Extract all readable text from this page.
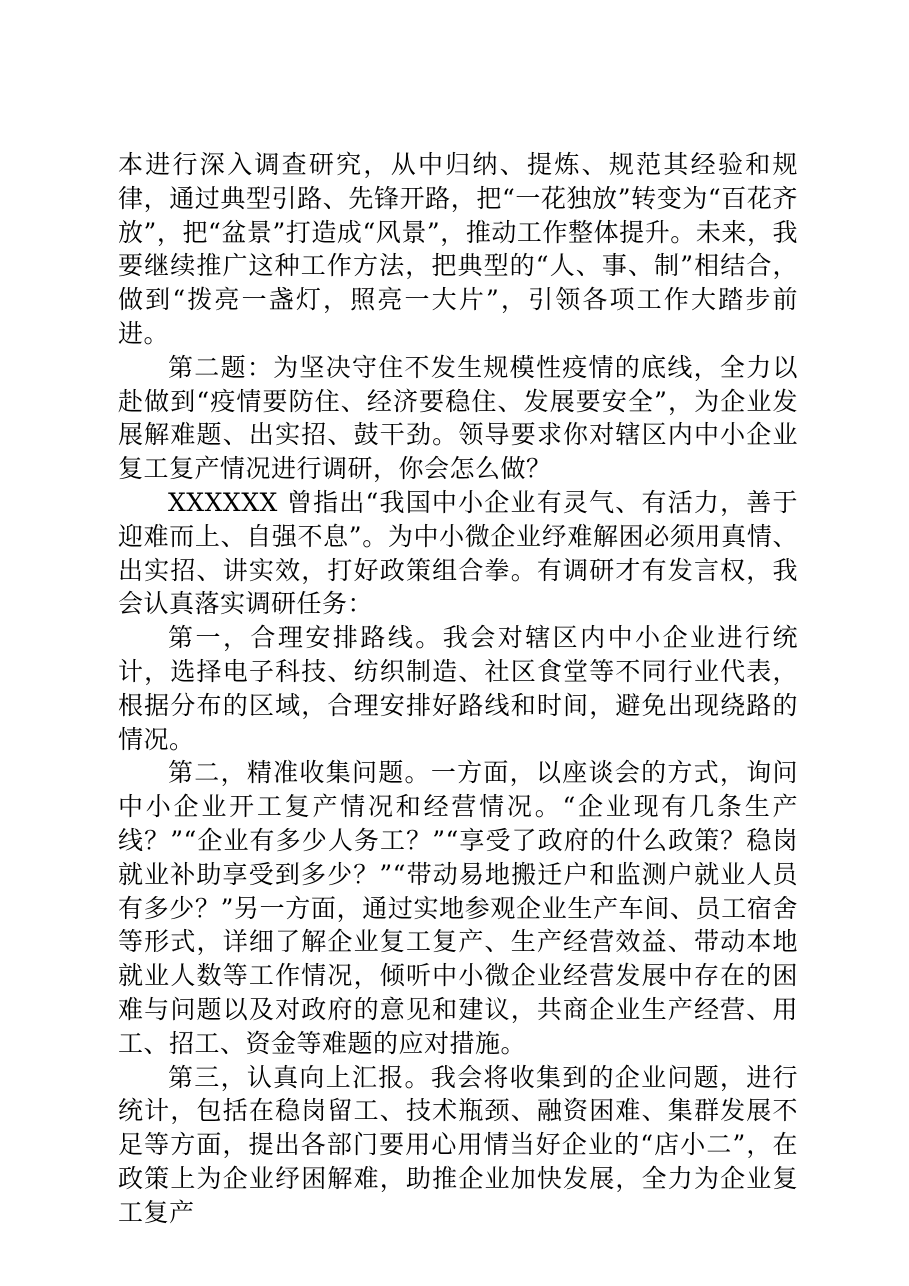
本进行深入调查研究，从中归纳、提炼、规范其经验和规律，通过典型引路、先锋开路，把“一花独放”转变为“百花齐放”，把“盆景”打造成“风景”，推动工作整体提升。未来，我要继续推广这种工作方法，把典型的“人、事、制”相结合，做到“拨亮一盏灯，照亮一大片”，引领各项工作大踏步前进。

第二题：为坚决守住不发生规模性疫情的底线，全力以赴做到“疫情要防住、经济要稳住、发展要安全”，为企业发展解难题、出实招、鼓干劲。领导要求你对辖区内中小企业复工复产情况进行调研，你会怎么做？

XXXXXX 曾指出“我国中小企业有灵气、有活力，善于迎难而上、自强不息”。为中小微企业纾难解困必须用真情、出实招、讲实效，打好政策组合拳。有调研才有发言权，我会认真落实调研任务：

第一，合理安排路线。我会对辖区内中小企业进行统计，选择电子科技、纺织制造、社区食堂等不同行业代表，根据分布的区域，合理安排好路线和时间，避免出现绕路的情况。

第二，精准收集问题。一方面，以座谈会的方式，询问中小企业开工复产情况和经营情况。“企业现有几条生产线？”“企业有多少人务工？”“享受了政府的什么政策？稳岗就业补助享受到多少？”“带动易地搬迁户和监测户就业人员有多少？”另一方面，通过实地参观企业生产车间、员工宿舍等形式，详细了解企业复工复产、生产经营效益、带动本地就业人数等工作情况，倾听中小微企业经营发展中存在的困难与问题以及对政府的意见和建议，共商企业生产经营、用工、招工、资金等难题的应对措施。

第三，认真向上汇报。我会将收集到的企业问题，进行统计，包括在稳岗留工、技术瓶颈、融资困难、集群发展不足等方面，提出各部门要用心用情当好企业的“店小二”，在政策上为企业纾困解难，助推企业加快发展，全力为企业复工复产
